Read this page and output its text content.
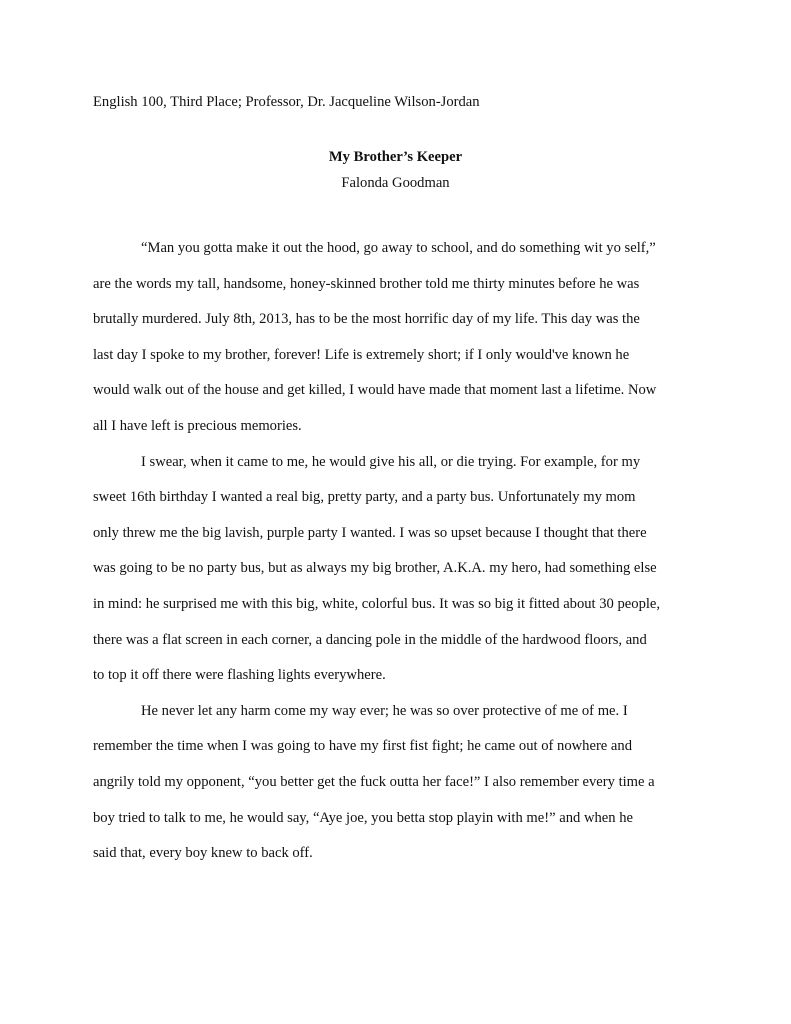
English 100, Third Place; Professor, Dr. Jacqueline Wilson-Jordan
My Brother’s Keeper
Falonda Goodman
“Man you gotta make it out the hood, go away to school, and do something wit yo self,”
are the words my tall, handsome, honey-skinned brother told me thirty minutes before he was
brutally murdered. July 8th, 2013, has to be the most horrific day of my life. This day was the
last day I spoke to my brother, forever! Life is extremely short; if I only would've known he
would walk out of the house and get killed, I would have made that moment last a lifetime. Now
all I have left is precious memories.
I swear, when it came to me, he would give his all, or die trying. For example, for my
sweet 16th birthday I wanted a real big, pretty party, and a party bus. Unfortunately my mom
only threw me the big lavish, purple party I wanted. I was so upset because I thought that there
was going to be no party bus, but as always my big brother, A.K.A. my hero, had something else
in mind: he surprised me with this big, white, colorful bus. It was so big it fitted about 30 people,
there was a flat screen in each corner, a dancing pole in the middle of the hardwood floors, and
to top it off there were flashing lights everywhere.
He never let any harm come my way ever; he was so over protective of me of me. I
remember the time when I was going to have my first fist fight; he came out of nowhere and
angrily told my opponent, “you better get the fuck outta her face!” I also remember every time a
boy tried to talk to me, he would say, “Aye joe, you betta stop playin with me!” and when he
said that, every boy knew to back off.
